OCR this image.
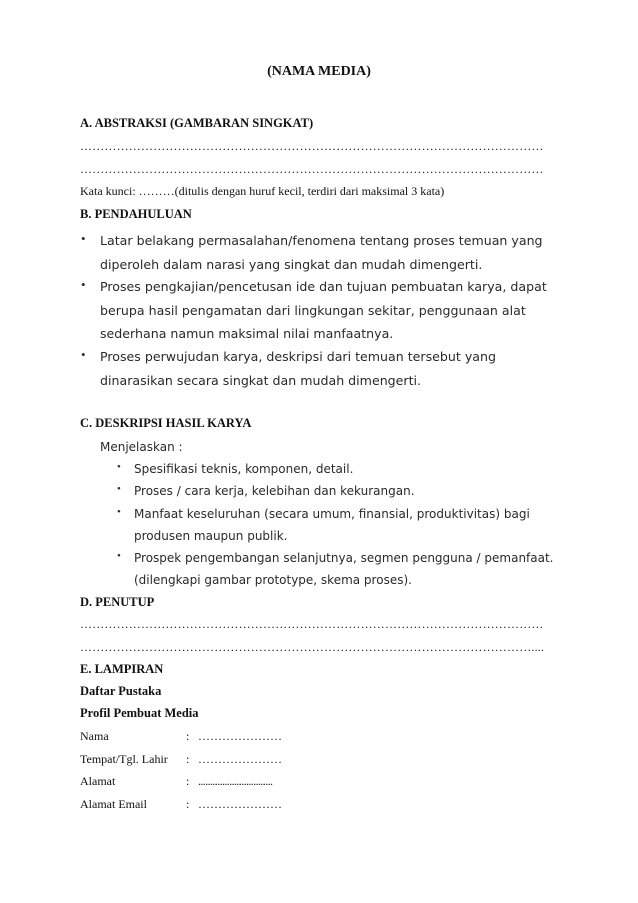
(NAMA MEDIA)
A. ABSTRAKSI (GAMBARAN SINGKAT)
……………………………………………………………………………………………………
……………………………………………………………………………………………………
Kata kunci: ………(ditulis dengan huruf kecil, terdiri dari maksimal 3 kata)
B. PENDAHULUAN
• Latar belakang permasalahan/fenomena tentang proses temuan yang
diperoleh dalam narasi yang singkat dan mudah dimengerti.
• Proses pengkajian/pencetusan ide dan tujuan pembuatan karya, dapat
berupa hasil pengamatan dari lingkungan sekitar, penggunaan alat
sederhana namun maksimal nilai manfaatnya.
• Proses perwujudan karya, deskripsi dari temuan tersebut yang
dinarasikan secara singkat dan mudah dimengerti.
C. DESKRIPSI HASIL KARYA
Menjelaskan :
• Spesifikasi teknis, komponen, detail.
• Proses / cara kerja, kelebihan dan kekurangan.
• Manfaat keseluruhan (secara umum, finansial, produktivitas) bagi
produsen maupun publik.
• Prospek pengembangan selanjutnya, segmen pengguna / pemanfaat.
(dilengkapi gambar prototype, skema proses).
D. PENUTUP
……………………………………………………………………………………………………
…………………………………………………………………………………………………....
E. LAMPIRAN
Daftar Pustaka
Profil Pembuat Media
Nama	: …………………
Tempat/Tgl. Lahir : …………………
Alamat	: ...............................
Alamat Email	: …………………
